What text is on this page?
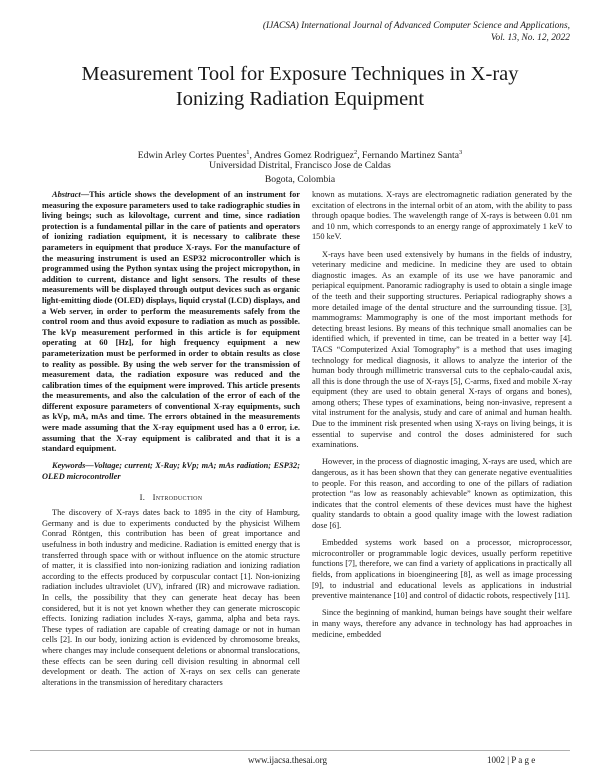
(IJACSA) International Journal of Advanced Computer Science and Applications,
Vol. 13, No. 12, 2022
Measurement Tool for Exposure Techniques in X-ray
Ionizing Radiation Equipment
Edwin Arley Cortes Puentes$^1$, Andres Gomez Rodriguez$^2$, Fernando Martinez Santa$^3$
Universidad Distrital, Francisco Jose de Caldas
Bogota, Colombia

Abstract—This article shows the development of an instrument for measuring the exposure parameters used to take radiographic studies in living beings; such as kilovoltage, current and time, since radiation protection is a fundamental pillar in the care of patients and operators of ionizing radiation equipment, it is necessary to calibrate these parameters in equipment that produce X-rays. For the manufacture of the measuring instrument is used an ESP32 microcontroller which is programmed using the Python syntax using the project micropython, in addition to current, distance and light sensors. The results of these measurements will be displayed through output devices such as organic light-emitting diode (OLED) displays, liquid crystal (LCD) displays, and a Web server, in order to perform the measurements safely from the control room and thus avoid exposure to radiation as much as possible. The kVp measurement performed in this article is for equipment operating at 60 [Hz], for high frequency equipment a new parameterization must be performed in order to obtain results as close to reality as possible. By using the web server for the transmission of measurement data, the radiation exposure was reduced and the calibration times of the equipment were improved. This article presents the measurements, and also the calculation of the error of each of the different exposure parameters of conventional X-ray equipments, such as kVp, mA, mAs and time. The errors obtained in the measurements were made assuming that the X-ray equipment used has a 0 error, i.e. assuming that the X-ray equipment is calibrated and that it is a standard equipment.

Keywords—Voltage; current; X-Ray; kVp; mA; mAs radiation; ESP32; OLED microcontroller

I. Introduction

The discovery of X-rays dates back to 1895 in the city of Hamburg, Germany and is due to experiments conducted by the physicist Wilhem Conrad Röntgen, this contribution has been of great importance and usefulness in both industry and medicine. Radiation is emitted energy that is transferred through space with or without influence on the atomic structure of matter, it is classified into non-ionizing radiation and ionizing radiation according to the effects produced by corpuscular contact [1]. Non-ionizing radiation includes ultraviolet (UV), infrared (IR) and microwave radiation. In cells, the possibility that they can generate heat decay has been considered, but it is not yet known whether they can generate microscopic effects. Ionizing radiation includes X-rays, gamma, alpha and beta rays. These types of radiation are capable of creating damage or not in human cells [2]. In our body, ionizing action is evidenced by chromosome breaks, where changes may include consequent deletions or abnormal translocations, these effects can be seen during cell division resulting in abnormal cell development or death. The action of X-rays on sex cells can generate alterations in the transmission of hereditary characters

known as mutations. X-rays are electromagnetic radiation generated by the excitation of electrons in the internal orbit of an atom, with the ability to pass through opaque bodies. The wavelength range of X-rays is between 0.01 nm and 10 nm, which corresponds to an energy range of approximately 1 keV to 150 keV.

X-rays have been used extensively by humans in the fields of industry, veterinary medicine and medicine. In medicine they are used to obtain diagnostic images. As an example of its use we have panoramic and periapical equipment. Panoramic radiography is used to obtain a single image of the teeth and their supporting structures. Periapical radiography shows a more detailed image of the dental structure and the surrounding tissue. [3], mammograms: Mammography is one of the most important methods for detecting breast lesions. By means of this technique small anomalies can be identified which, if prevented in time, can be treated in a better way [4]. TACS “Computerized Axial Tomography” is a method that uses imaging technology for medical diagnosis, it allows to analyze the interior of the human body through millimetric transversal cuts to the cephalo-caudal axis, all this is done through the use of X-rays [5], C-arms, fixed and mobile X-ray equipment (they are used to obtain general X-rays of organs and bones), among others; These types of examinations, being non-invasive, represent a vital instrument for the analysis, study and care of animal and human health. Due to the imminent risk presented when using X-rays on living beings, it is essential to supervise and control the doses administered for such examinations.

However, in the process of diagnostic imaging, X-rays are used, which are dangerous, as it has been shown that they can generate negative eventualities to people. For this reason, and according to one of the pillars of radiation protection “as low as reasonably achievable” known as optimization, this indicates that the control elements of these devices must have the highest quality standards to obtain a good quality image with the lowest radiation dose [6].

Embedded systems work based on a processor, microprocessor, microcontroller or programmable logic devices, usually perform repetitive functions [7], therefore, we can find a variety of applications in practically all fields, from applications in bioengineering [8], as well as image processing [9], to industrial and educational levels as applications in industrial preventive maintenance [10] and control of didactic robots, respectively [11].

Since the beginning of mankind, human beings have sought their welfare in many ways, therefore any advance in technology has had approaches in medicine, embedded

www.ijacsa.thesai.org	1002 | P a g e
